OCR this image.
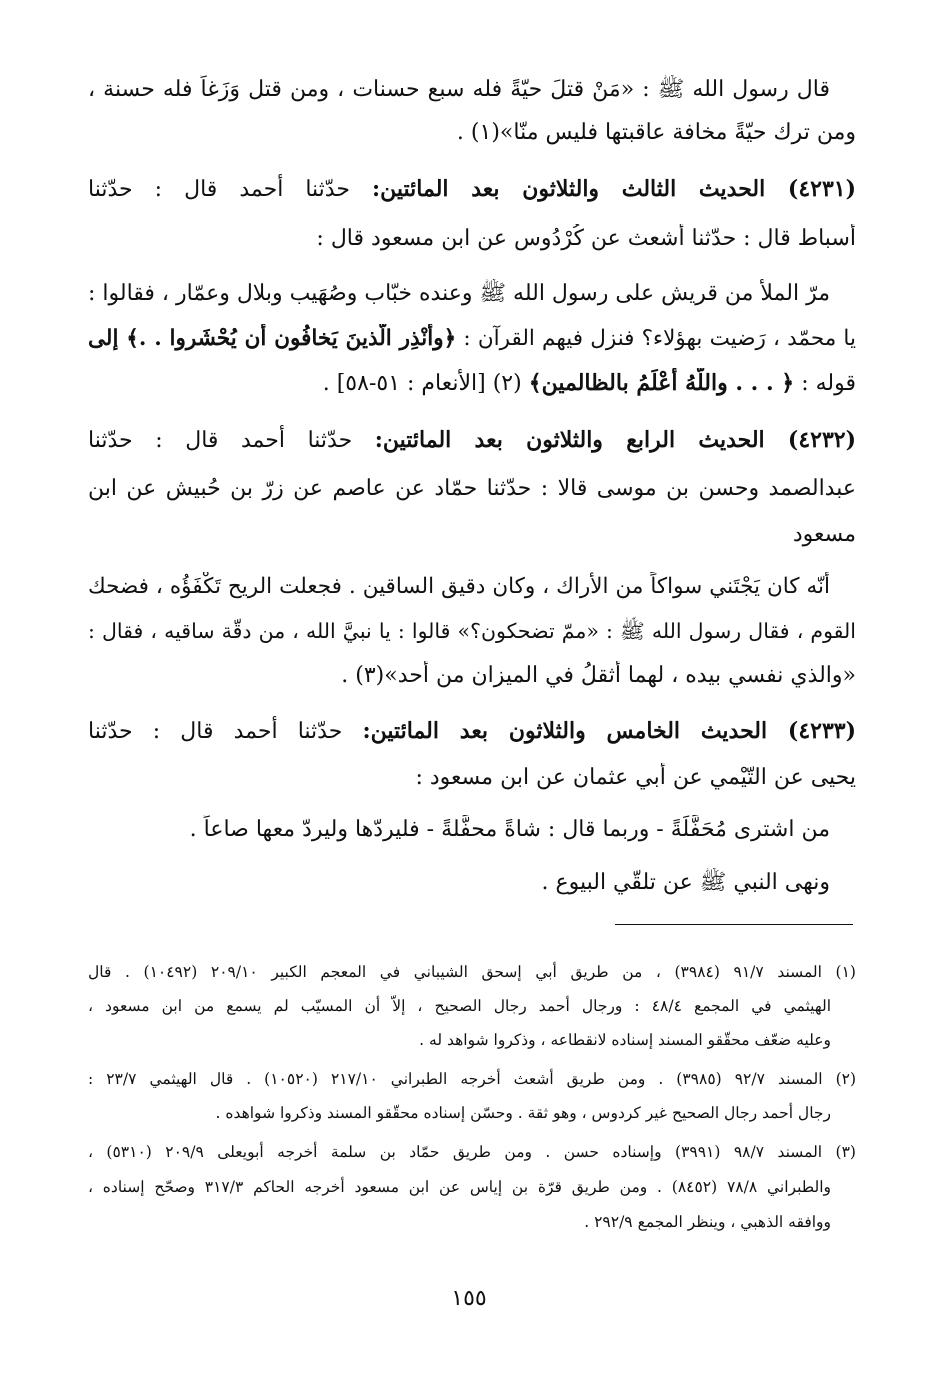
قال رسول الله ﷺ : «مَنْ قتلَ حيّةً فله سبع حسنات ، ومن قتل وَزَغاً فله حسنة ،
ومن ترك حيّةً مخافة عاقبتها فليس منّا»(١) .
(٤٢٣١) الحديث الثالث والثلاثون بعد المائتين: حدّثنا أحمد قال : حدّثنا
أسباط قال : حدّثنا أشعث عن كُرْدُوس عن ابن مسعود قال :
مرّ الملأُ من قريش على رسول الله ﷺ وعنده خبّاب وصُهَيب وبلال وعمّار ، فقالوا :
يا محمّد ، رَضيت بهؤلاء؟ فنزل فيهم القرآن : ﴿وأنْذِر الّذينَ يَخافُون أن يُحْشَروا . .﴾ إلى
قوله : ﴿ . . . واللّهُ أعْلَمُ بالظالمين﴾ (٢) [الأنعام : ٥١-٥٨] .
(٤٢٣٢) الحديث الرابع والثلاثون بعد المائتين: حدّثنا أحمد قال : حدّثنا
عبدالصمد وحسن بن موسى قالا : حدّثنا حمّاد عن عاصم عن زرّ بن حُبيش عن ابن
مسعود
أنّه كان يَجْتَني سواكاً من الأراك ، وكان دقيق الساقين . فجعلت الريح تَكْفَؤُه ، فضحك
القوم ، فقال رسول الله ﷺ : «ممّ تضحكون؟» قالوا : يا نبيَّ الله ، من دقّة ساقيه ، فقال :
«والذي نفسي بيده ، لهما أثقلُ في الميزان من أُحد»(٣) .
(٤٢٣٣) الحديث الخامس والثلاثون بعد المائتين: حدّثنا أحمد قال : حدّثنا
يحيى عن التّيْمي عن أبي عثمان عن ابن مسعود :
من اشترى مُحَفَّلَةً - وربما قال : شاةً محفَّلةً - فليردّها وليردّ معها صاعاً .
ونهى النبي ﷺ عن تلقّي البيوع .
(١) المسند ٩١/٧ (٣٩٨٤) ، من طريق أبي إسحق الشيباني في المعجم الكبير ٢٠٩/١٠ (١٠٤٩٢) . قال
الهيثمي في المجمع ٤٨/٤ : ورجال أحمد رجال الصحيح ، إلاّ أن المسيّب لم يسمع من ابن مسعود ،
وعليه ضعّف محقّقو المسند إسناده لانقطاعه ، وذكروا شواهد له .
(٢) المسند ٩٢/٧ (٣٩٨٥) . ومن طريق أشعث أخرجه الطبراني ٢١٧/١٠ (١٠٥٢٠) . قال الهيثمي ٢٣/٧ :
رجال أحمد رجال الصحيح غير كردوس ، وهو ثقة . وحسّن إسناده محقّقو المسند وذكروا شواهده .
(٣) المسند ٩٨/٧ (٣٩٩١) وإسناده حسن . ومن طريق حمّاد بن سلمة أخرجه أبويعلى ٢٠٩/٩ (٥٣١٠) ،
والطبراني ٧٨/٨ (٨٤٥٢) . ومن طريق قرّة بن إياس عن ابن مسعود أخرجه الحاكم ٣١٧/٣ وصحّح إسناده ،
ووافقه الذهبي ، وينظر المجمع ٢٩٢/٩ .
١٥٥
